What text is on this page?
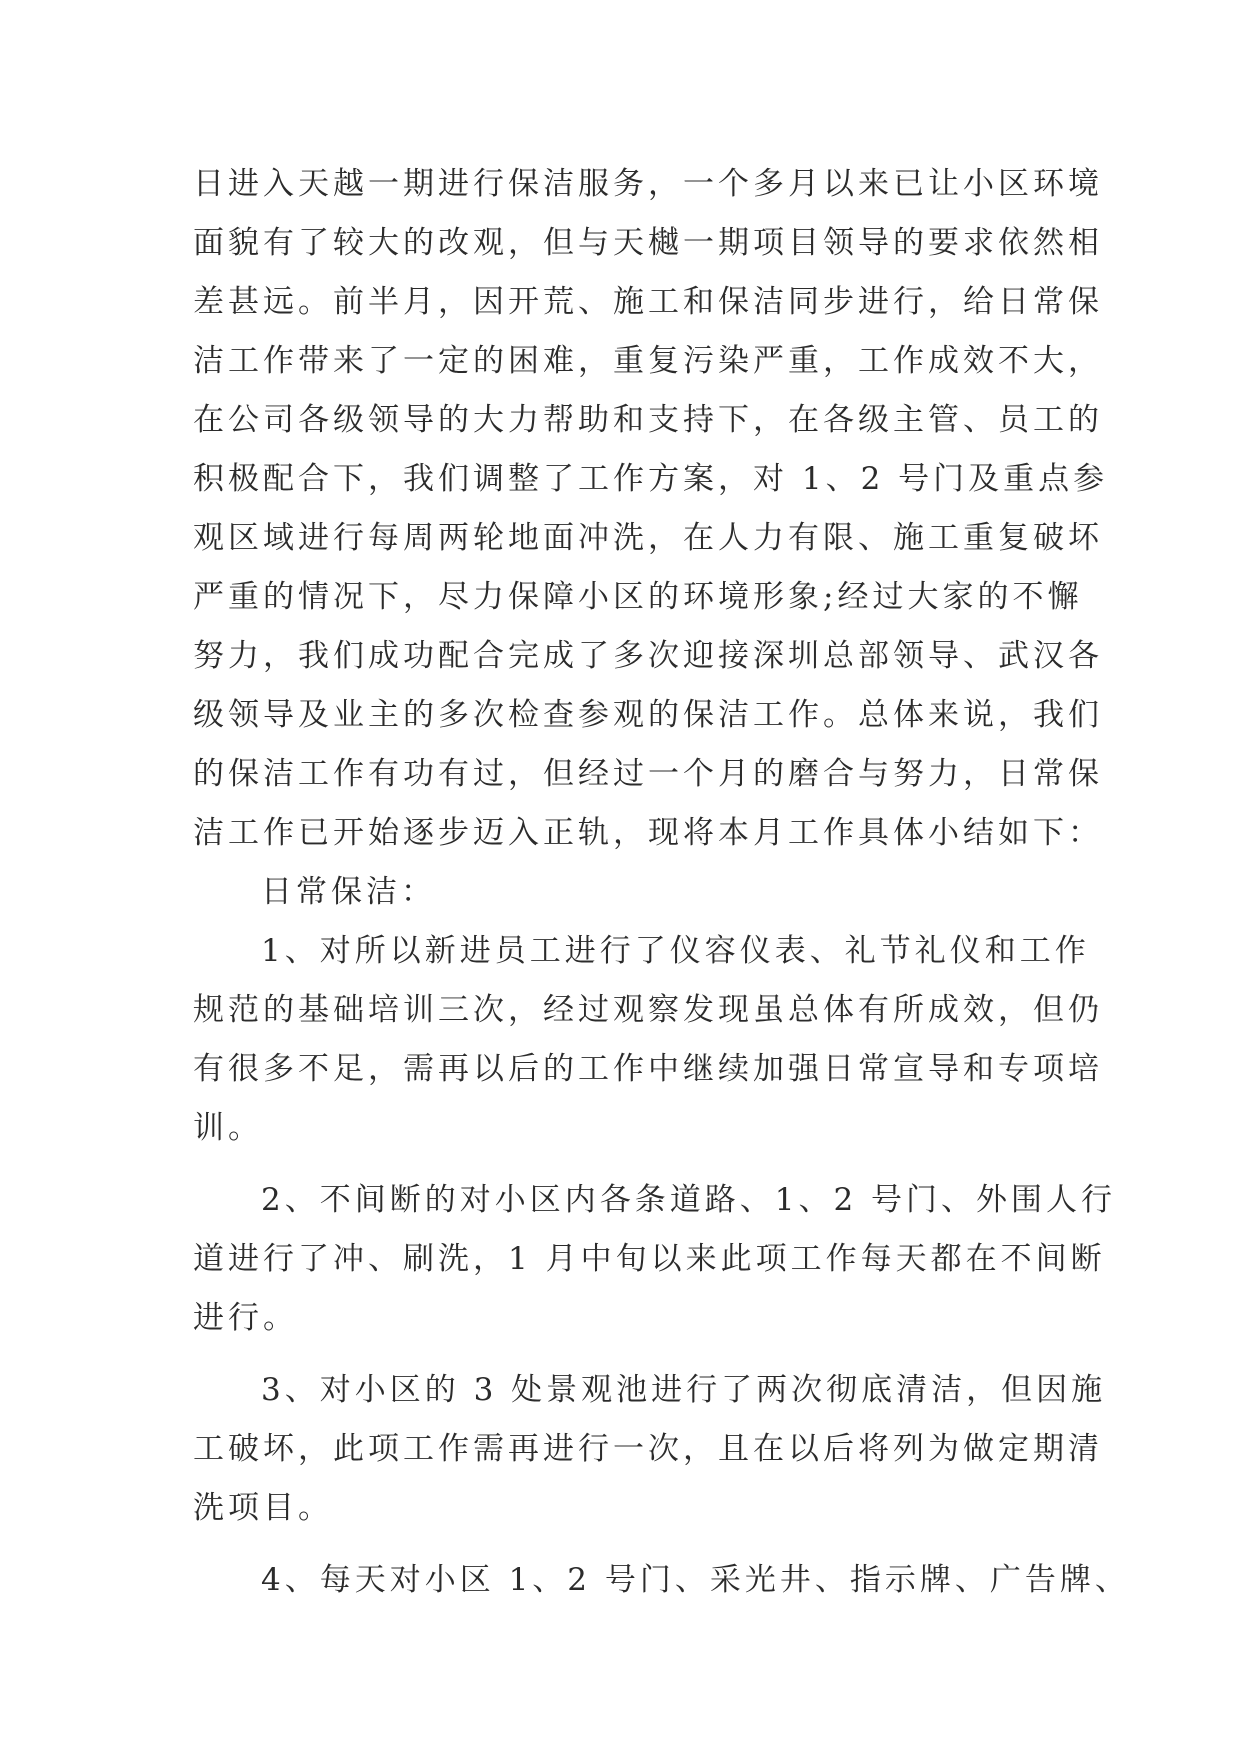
日进入天越一期进行保洁服务，一个多月以来已让小区环境
面貌有了较大的改观，但与天樾一期项目领导的要求依然相
差甚远。前半月，因开荒、施工和保洁同步进行，给日常保
洁工作带来了一定的困难，重复污染严重，工作成效不大，
在公司各级领导的大力帮助和支持下，在各级主管、员工的
积极配合下，我们调整了工作方案，对 1、2 号门及重点参
观区域进行每周两轮地面冲洗，在人力有限、施工重复破坏
严重的情况下，尽力保障小区的环境形象;经过大家的不懈
努力，我们成功配合完成了多次迎接深圳总部领导、武汉各
级领导及业主的多次检查参观的保洁工作。总体来说，我们
的保洁工作有功有过，但经过一个月的磨合与努力，日常保
洁工作已开始逐步迈入正轨，现将本月工作具体小结如下：
日常保洁：
1、对所以新进员工进行了仪容仪表、礼节礼仪和工作
规范的基础培训三次，经过观察发现虽总体有所成效，但仍
有很多不足，需再以后的工作中继续加强日常宣导和专项培
训。
2、不间断的对小区内各条道路、1、2 号门、外围人行
道进行了冲、刷洗，1 月中旬以来此项工作每天都在不间断
进行。
3、对小区的 3 处景观池进行了两次彻底清洁，但因施
工破坏，此项工作需再进行一次，且在以后将列为做定期清
洗项目。
4、每天对小区 1、2 号门、采光井、指示牌、广告牌、
